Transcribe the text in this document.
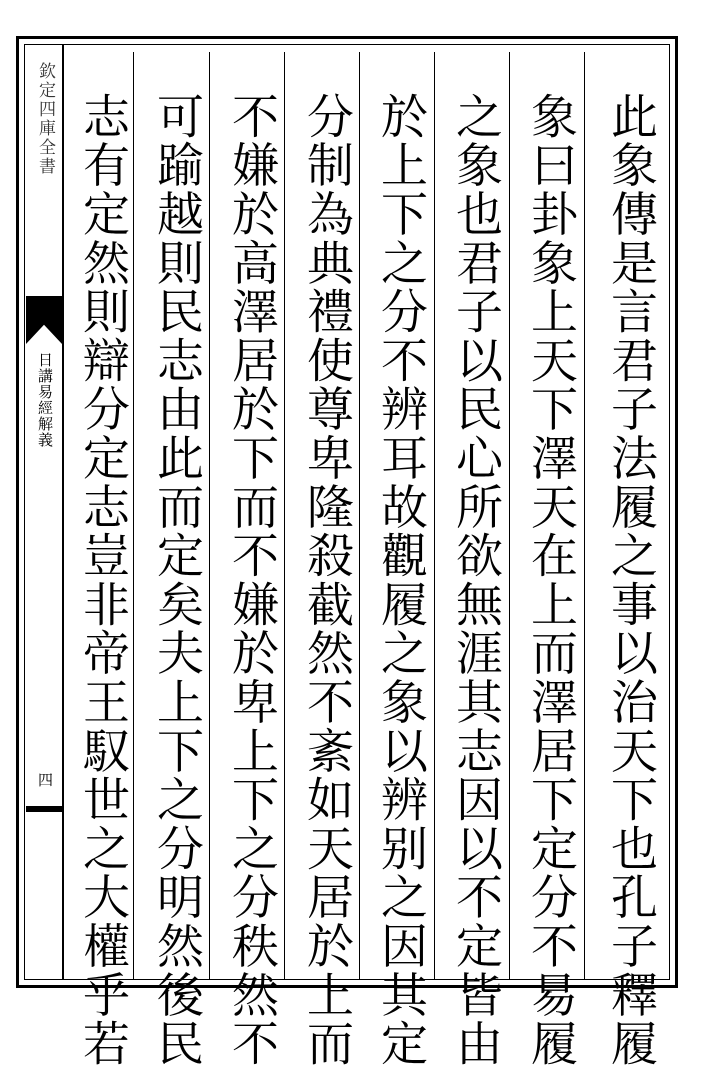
欽定四庫全書
日講易經解義
四	此象傳是言君子法履之事以治天下也孔子釋履
象曰卦象上天下澤天在上而澤居下定分不易履
之象也君子以民心所欲無涯其志因以不定皆由
於上下之分不辨耳故觀履之象以辨别之因其定
分制為典禮使尊卑隆殺截然不紊如天居於上而
不嫌於高澤居於下而不嫌於卑上下之分秩然不
可踰越則民志由此而定矣夫上下之分明然後民
志有定然則辯分定志豈非帝王馭世之大權乎若
